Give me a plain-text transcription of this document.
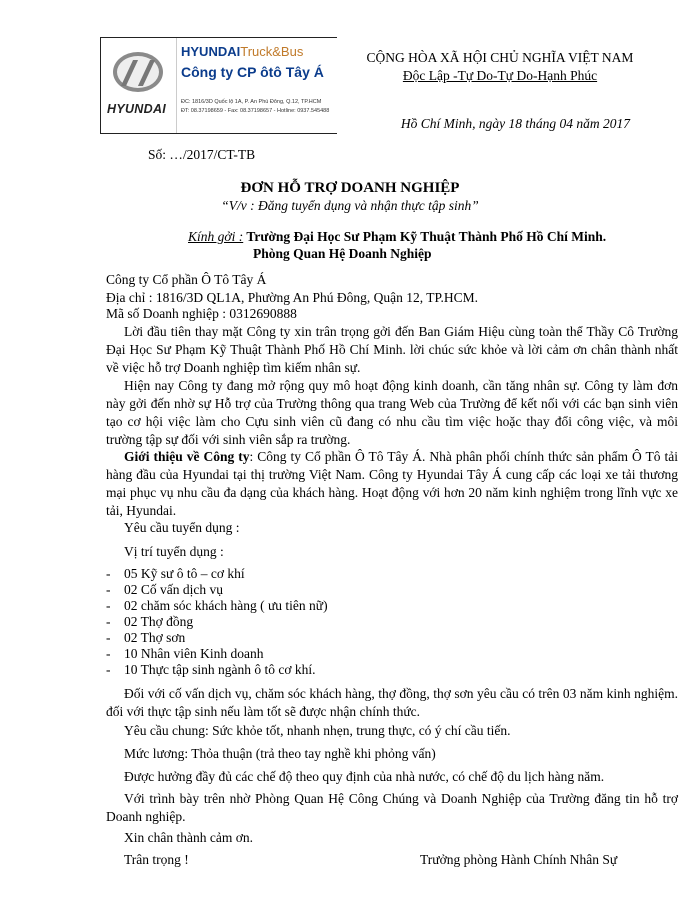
HYUNDAI
HYUNDAITruck&Bus
Công ty CP ôtô Tây Á
ĐC: 1816/3D Quốc lộ 1A, P. An Phú Đông, Q.12, TP.HCM
ĐT: 08.37198659 - Fax: 08.37198657 - Hotline: 0937.545488
CỘNG HÒA XÃ HỘI CHỦ NGHĨA VIỆT NAM
Độc Lập -Tự Do-Tự Do-Hạnh Phúc
Hồ Chí Minh, ngày 18 tháng 04 năm 2017
Số: …/2017/CT-TB
ĐƠN HỖ TRỢ DOANH NGHIỆP
“V/v : Đăng tuyển dụng và nhận thực tập sinh”
Kính gởi : Trường Đại Học Sư Phạm Kỹ Thuật Thành Phố Hồ Chí Minh.
Phòng Quan Hệ Doanh Nghiệp
Công ty Cổ phần Ô Tô Tây Á
Địa chỉ : 1816/3D QL1A, Phường An Phú Đông, Quận 12, TP.HCM.
Mã số Doanh nghiệp : 0312690888
Lời đầu tiên thay mặt Công ty xin trân trọng gởi đến Ban Giám Hiệu cùng toàn thể Thầy Cô Trường Đại Học Sư Phạm Kỹ Thuật Thành Phố Hồ Chí Minh. lời chúc sức khỏe và lời cảm ơn chân thành nhất về việc hỗ trợ Doanh nghiệp tìm kiếm nhân sự.
Hiện nay Công ty đang mở rộng quy mô hoạt động kinh doanh, cần tăng nhân sự. Công ty làm đơn này gởi đến nhờ sự Hỗ trợ của Trường thông qua trang Web của Trường để kết nối với các bạn sinh viên tạo cơ hội việc làm cho Cựu sinh viên cũ đang có nhu cầu tìm việc hoặc thay đổi công việc, và môi trường tập sự đối với sinh viên sắp ra trường.
Giới thiệu về Công ty: Công ty Cổ phần Ô Tô Tây Á. Nhà phân phối chính thức sản phẩm Ô Tô tải hàng đầu của Hyundai tại thị trường Việt Nam. Công ty Hyundai Tây Á cung cấp các loại xe tải thương mại phục vụ nhu cầu đa dạng của khách hàng. Hoạt động với hơn 20 năm kinh nghiệm trong lĩnh vực xe tải, Hyundai.
Yêu cầu tuyển dụng :
Vị trí tuyển dụng :
- 05 Kỹ sư ô tô – cơ khí
- 02 Cố vấn dịch vụ
- 02 chăm sóc khách hàng ( ưu tiên nữ)
- 02 Thợ đồng
- 02 Thợ sơn
- 10 Nhân viên Kinh doanh
- 10 Thực tập sinh ngành ô tô cơ khí.
Đối với cố vấn dịch vụ, chăm sóc khách hàng, thợ đồng, thợ sơn yêu cầu có trên 03 năm kinh nghiệm. đối với thực tập sinh nếu làm tốt sẽ được nhận chính thức.
Yêu cầu chung: Sức khỏe tốt, nhanh nhẹn, trung thực, có ý chí cầu tiến.
Mức lương: Thỏa thuận (trả theo tay nghề khi phỏng vấn)
Được hưởng đầy đủ các chế độ theo quy định của nhà nước, có chế độ du lịch hàng năm.
Với trình bày trên nhờ Phòng Quan Hệ Công Chúng và Doanh Nghiệp của Trường đăng tin hỗ trợ Doanh nghiệp.
Xin chân thành cảm ơn.
Trân trọng !	Trưởng phòng Hành Chính Nhân Sự
